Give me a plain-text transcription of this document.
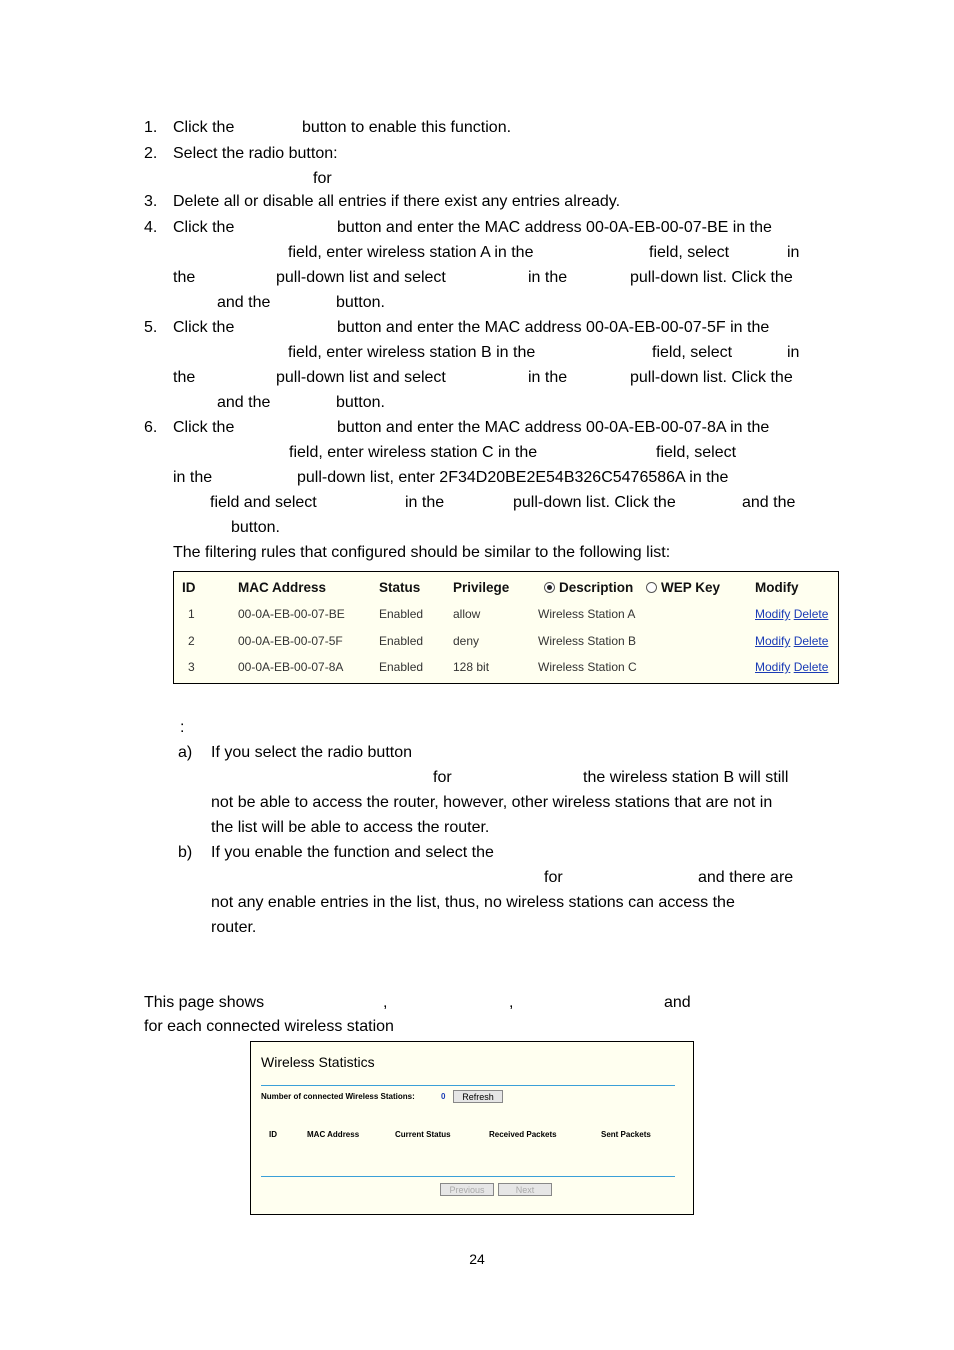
1. Click the	button to enable this function.
2. Select the radio button:
for
3. Delete all or disable all entries if there exist any entries already.
4. Click the	button and enter the MAC address 00-0A-EB-00-07-BE in the
field, enter wireless station A in the	field, select	in
the	pull-down list and select	in the	pull-down list. Click the
and the	button.
5. Click the	button and enter the MAC address 00-0A-EB-00-07-5F in the
field, enter wireless station B in the	field, select	in
the	pull-down list and select	in the	pull-down list. Click the
and the	button.
6. Click the	button and enter the MAC address 00-0A-EB-00-07-8A in the
field, enter wireless station C in the	field, select
in the	pull-down list, enter 2F34D20BE2E54B326C5476586A in the
field and select	in the	pull-down list. Click the	and the
button.
The filtering rules that configured should be similar to the following list:
ID	MAC Address	Status Privilege	Description	WEP Key	Modify
1	00-0A-EB-00-07-BE	Enabled allow	Wireless Station A	Modify Delete
2	00-0A-EB-00-07-5F	Enabled deny	Wireless Station B	Modify Delete
3	00-0A-EB-00-07-8A	Enabled 128 bit	Wireless Station C	Modify Delete
:
a) If you select the radio button
for	the wireless station B will still
not be able to access the router, however, other wireless stations that are not in
the list will be able to access the router.
b) If you enable the function and select the
for	and there are
not any enable entries in the list, thus, no wireless stations can access the
router.
This page shows	,	,	and
for each connected wireless station
Wireless Statistics
Number of connected Wireless Stations:	0	Refresh
ID	MAC Address	Current Status	Received Packets	Sent Packets
Previous	Next
24
